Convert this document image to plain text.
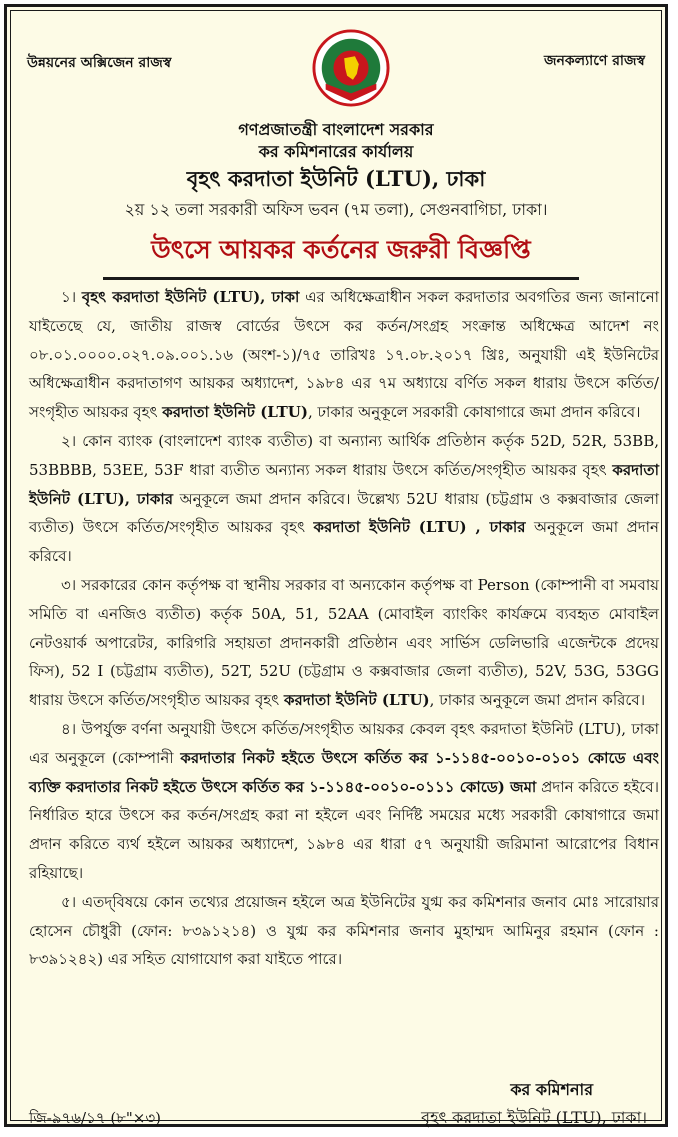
উন্নয়নের অক্সিজেন রাজস্ব	জনকল্যাণে রাজস্ব
গণপ্রজাতন্ত্রী বাংলাদেশ সরকার
কর কমিশনারের কার্যালয়
বৃহৎ করদাতা ইউনিট (LTU), ঢাকা
২য় ১২ তলা সরকারী অফিস ভবন (৭ম তলা), সেগুনবাগিচা, ঢাকা।
উৎসে আয়কর কর্তনের জরুরী বিজ্ঞপ্তি

১। বৃহৎ করদাতা ইউনিট (LTU), ঢাকা এর অধিক্ষেত্রাধীন সকল করদাতার অবগতির জন্য জানানো যাইতেছে যে, জাতীয় রাজস্ব বোর্ডের উৎসে কর কর্তন/সংগ্রহ সংক্রান্ত অধিক্ষেত্র আদেশ নং ০৮.০১.০০০০.০২৭.০৯.০০১.১৬ (অংশ-১)/৭৫ তারিখঃ ১৭.০৮.২০১৭ খ্রিঃ, অনুযায়ী এই ইউনিটের অধিক্ষেত্রাধীন করদাতাগণ আয়কর অধ্যাদেশ, ১৯৮৪ এর ৭ম অধ্যায়ে বর্ণিত সকল ধারায় উৎসে কর্তিত/সংগৃহীত আয়কর বৃহৎ করদাতা ইউনিট (LTU), ঢাকার অনুকূলে সরকারী কোষাগারে জমা প্রদান করিবে।

২। কোন ব্যাংক (বাংলাদেশ ব্যাংক ব্যতীত) বা অন্যান্য আর্থিক প্রতিষ্ঠান কর্তৃক 52D, 52R, 53BB, 53BBBB, 53EE, 53F ধারা ব্যতীত অন্যান্য সকল ধারায় উৎসে কর্তিত/সংগৃহীত আয়কর বৃহৎ করদাতা ইউনিট (LTU), ঢাকার অনুকূলে জমা প্রদান করিবে। উল্লেখ্য 52U ধারায় (চট্টগ্রাম ও কক্সবাজার জেলা ব্যতীত) উৎসে কর্তিত/সংগৃহীত আয়কর বৃহৎ করদাতা ইউনিট (LTU) , ঢাকার অনুকূলে জমা প্রদান করিবে।

৩। সরকারের কোন কর্তৃপক্ষ বা স্থানীয় সরকার বা অন্যকোন কর্তৃপক্ষ বা Person (কোম্পানী বা সমবায় সমিতি বা এনজিও ব্যতীত) কর্তৃক 50A, 51, 52AA (মোবাইল ব্যাংকিং কার্যক্রমে ব্যবহৃত মোবাইল নেটওয়ার্ক অপারেটর, কারিগরি সহায়তা প্রদানকারী প্রতিষ্ঠান এবং সার্ভিস ডেলিভারি এজেন্টকে প্রদেয় ফিস), 52 I (চট্টগ্রাম ব্যতীত), 52T, 52U (চট্টগ্রাম ও কক্সবাজার জেলা ব্যতীত), 52V, 53G, 53GG ধারায় উৎসে কর্তিত/সংগৃহীত আয়কর বৃহৎ করদাতা ইউনিট (LTU), ঢাকার অনুকূলে জমা প্রদান করিবে।

৪। উপর্যুক্ত বর্ণনা অনুযায়ী উৎসে কর্তিত/সংগৃহীত আয়কর কেবল বৃহৎ করদাতা ইউনিট (LTU), ঢাকা এর অনুকূলে (কোম্পানী করদাতার নিকট হইতে উৎসে কর্তিত কর ১-১১৪৫-০০১০-০১০১ কোডে এবং ব্যক্তি করদাতার নিকট হইতে উৎসে কর্তিত কর ১-১১৪৫-০০১০-০১১১ কোডে) জমা প্রদান করিতে হইবে। নির্ধারিত হারে উৎসে কর কর্তন/সংগ্রহ করা না হইলে এবং নির্দিষ্ট সময়ের মধ্যে সরকারী কোষাগারে জমা প্রদান করিতে ব্যর্থ হইলে আয়কর অধ্যাদেশ, ১৯৮৪ এর ধারা ৫৭ অনুযায়ী জরিমানা আরোপের বিধান রহিয়াছে।

৫। এতদ্‌বিষয়ে কোন তথ্যের প্রয়োজন হইলে অত্র ইউনিটের যুগ্ম কর কমিশনার জনাব মোঃ সারোয়ার হোসেন চৌধুরী (ফোন: ৮৩৯১২১৪) ও যুগ্ম কর কমিশনার জনাব মুহাম্মদ আমিনুর রহমান (ফোন : ৮৩৯১২৪২) এর সহিত যোগাযোগ করা যাইতে পারে।

কর কমিশনার
বৃহৎ করদাতা ইউনিট (LTU), ঢাকা।
জি-৯৭৬/১৭ (৮"×৩)
